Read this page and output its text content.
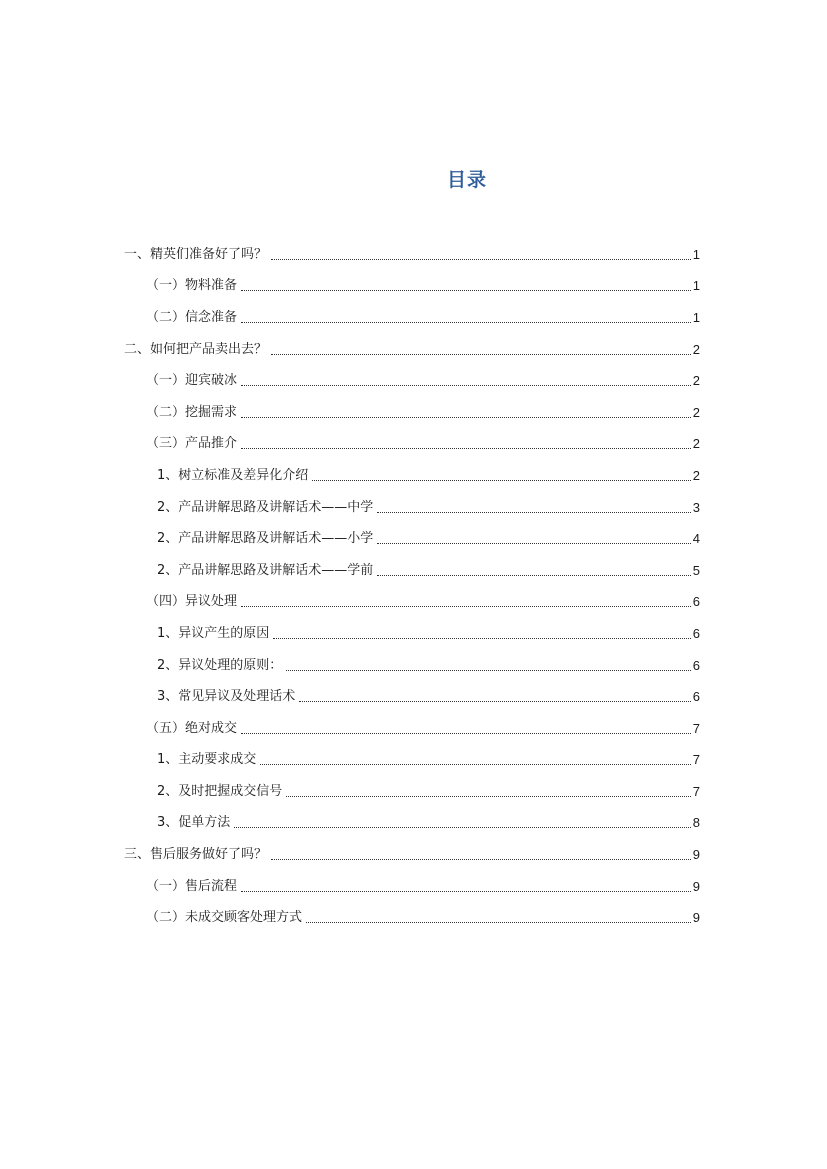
目录
一、精英们准备好了吗？	1
（一）物料准备	1
（二）信念准备	1
二、如何把产品卖出去？	2
（一）迎宾破冰	2
（二）挖掘需求	2
（三）产品推介	2
1、树立标准及差异化介绍	2
2、产品讲解思路及讲解话术——中学	3
2、产品讲解思路及讲解话术——小学	4
2、产品讲解思路及讲解话术——学前	5
（四）异议处理	6
1、异议产生的原因	6
2、异议处理的原则：	6
3、常见异议及处理话术	6
（五）绝对成交	7
1、主动要求成交	7
2、及时把握成交信号	7
3、促单方法	8
三、售后服务做好了吗？	9
（一）售后流程	9
（二）未成交顾客处理方式	9
